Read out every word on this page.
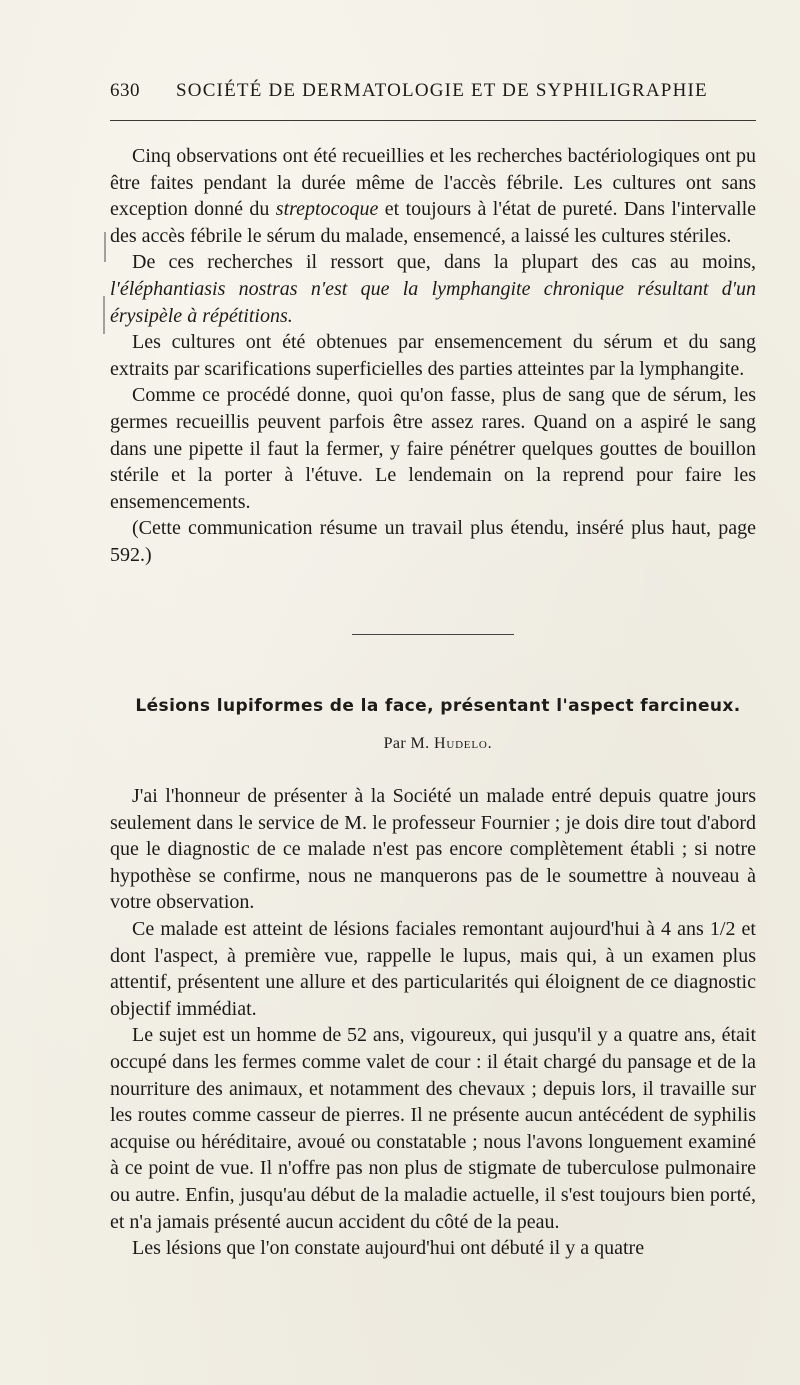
630 SOCIÉTÉ DE DERMATOLOGIE ET DE SYPHILIGRAPHIE

Cinq observations ont été recueillies et les recherches bactériologiques ont pu être faites pendant la durée même de l'accès fébrile. Les cultures ont sans exception donné du streptocoque et toujours à l'état de pureté. Dans l'intervalle des accès fébrile le sérum du malade, ensemencé, a laissé les cultures stériles.

De ces recherches il ressort que, dans la plupart des cas au moins, l'éléphantiasis nostras n'est que la lymphangite chronique résultant d'un érysipèle à répétitions.

Les cultures ont été obtenues par ensemencement du sérum et du sang extraits par scarifications superficielles des parties atteintes par la lymphangite.

Comme ce procédé donne, quoi qu'on fasse, plus de sang que de sérum, les germes recueillis peuvent parfois être assez rares. Quand on a aspiré le sang dans une pipette il faut la fermer, y faire pénétrer quelques gouttes de bouillon stérile et la porter à l'étuve. Le lendemain on la reprend pour faire les ensemencements.

(Cette communication résume un travail plus étendu, inséré plus haut, page 592.)

Lésions lupiformes de la face, présentant l'aspect farcineux.
Par M. Hudelo.

J'ai l'honneur de présenter à la Société un malade entré depuis quatre jours seulement dans le service de M. le professeur Fournier ; je dois dire tout d'abord que le diagnostic de ce malade n'est pas encore complètement établi ; si notre hypothèse se confirme, nous ne manquerons pas de le soumettre à nouveau à votre observation.

Ce malade est atteint de lésions faciales remontant aujourd'hui à 4 ans 1/2 et dont l'aspect, à première vue, rappelle le lupus, mais qui, à un examen plus attentif, présentent une allure et des particularités qui éloignent de ce diagnostic objectif immédiat.

Le sujet est un homme de 52 ans, vigoureux, qui jusqu'il y a quatre ans, était occupé dans les fermes comme valet de cour : il était chargé du pansage et de la nourriture des animaux, et notamment des chevaux ; depuis lors, il travaille sur les routes comme casseur de pierres. Il ne présente aucun antécédent de syphilis acquise ou héréditaire, avoué ou constatable ; nous l'avons longuement examiné à ce point de vue. Il n'offre pas non plus de stigmate de tuberculose pulmonaire ou autre. Enfin, jusqu'au début de la maladie actuelle, il s'est toujours bien porté, et n'a jamais présenté aucun accident du côté de la peau.

Les lésions que l'on constate aujourd'hui ont débuté il y a quatre
